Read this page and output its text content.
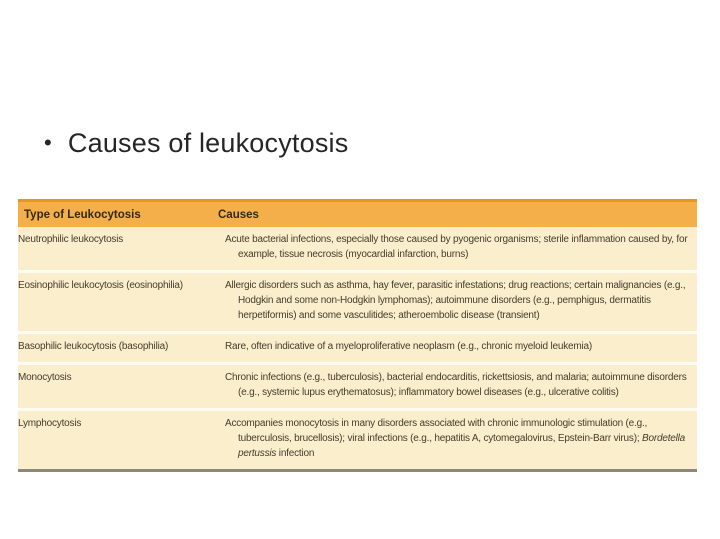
• Causes of leukocytosis
Type of Leukocytosis	Causes
Neutrophilic leukocytosis	Acute bacterial infections, especially those caused by pyogenic organisms; sterile inflammation caused by, for example, tissue necrosis (myocardial infarction, burns)
Eosinophilic leukocytosis (eosinophilia)	Allergic disorders such as asthma, hay fever, parasitic infestations; drug reactions; certain malignancies (e.g., Hodgkin and some non-Hodgkin lymphomas); autoimmune disorders (e.g., pemphigus, dermatitis herpetiformis) and some vasculitides; atheroembolic disease (transient)
Basophilic leukocytosis (basophilia)	Rare, often indicative of a myeloproliferative neoplasm (e.g., chronic myeloid leukemia)
Monocytosis	Chronic infections (e.g., tuberculosis), bacterial endocarditis, rickettsiosis, and malaria; autoimmune disorders (e.g., systemic lupus erythematosus); inflammatory bowel diseases (e.g., ulcerative colitis)
Lymphocytosis	Accompanies monocytosis in many disorders associated with chronic immunologic stimulation (e.g., tuberculosis, brucellosis); viral infections (e.g., hepatitis A, cytomegalovirus, Epstein-Barr virus); Bordetella pertussis infection
